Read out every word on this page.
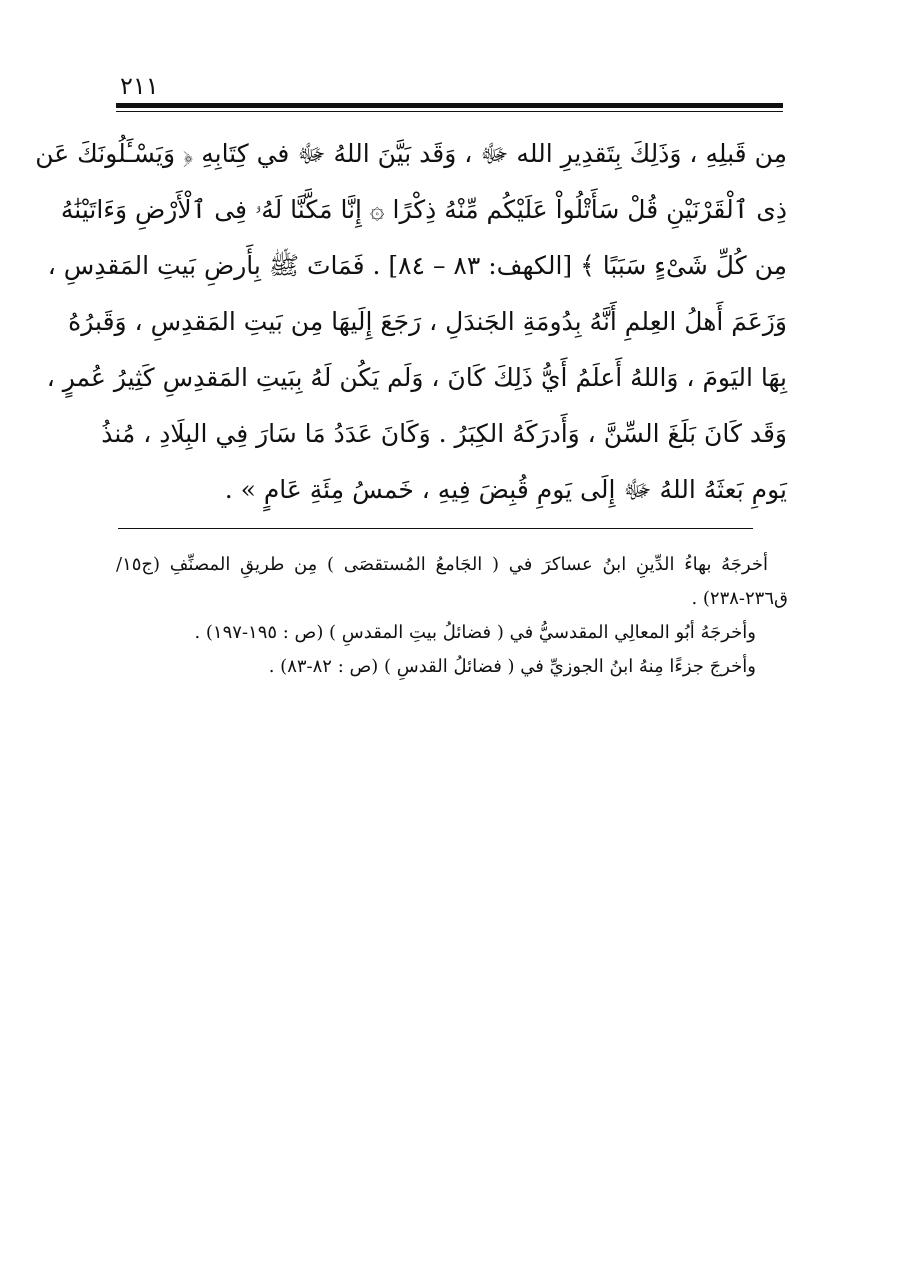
٢١١
مِن قَبلِهِ ، وَذَلِكَ بِتَقدِيرِ الله ﷻ ، وَقَد بَيَّنَ اللهُ ﷻ في كِتَابِهِ ﴿ وَيَسْـَٔلُونَكَ عَن
ذِى ٱلْقَرْنَيْنِ قُلْ سَأَتْلُواْ عَلَيْكُم مِّنْهُ ذِكْرًا ۞ إِنَّا مَكَّنَّا لَهُۥ فِى ٱلْأَرْضِ وَءَاتَيْنَٰهُ
مِن كُلِّ شَىْءٍ سَبَبًا ﴾ [الكهف: ٨٣ – ٨٤] . فَمَاتَ ﷺ بِأَرضِ بَيتِ المَقدِسِ ،
وَزَعَمَ أَهلُ العِلمِ أَنَّهُ بِدُومَةِ الجَندَلِ ، رَجَعَ إِلَيهَا مِن بَيتِ المَقدِسِ ، وَقَبرُهُ
بِهَا اليَومَ ، وَاللهُ أَعلَمُ أَيُّ ذَلِكَ كَانَ ، وَلَم يَكُن لَهُ بِبَيتِ المَقدِسِ كَثِيرُ عُمرٍ ،
وَقَد كَانَ بَلَغَ السِّنَّ ، وَأَدرَكَهُ الكِبَرُ . وَكَانَ عَدَدُ مَا سَارَ فِي البِلَادِ ، مُنذُ
يَومِ بَعثَهُ اللهُ ﷻ إِلَى يَومِ قُبِضَ فِيهِ ، خَمسُ مِئَةِ عَامٍ » .
أخرجَهُ بهاءُ الدِّينِ ابنُ عساكرَ في ( الجَامعُ المُستقصَى ) مِن طريقِ المصنِّفِ (ج١٥/
ق٢٣٦-٢٣٨) .
وأخرجَهُ أبُو المعالِي المقدسيُّ في ( فضائلُ بيتِ المقدسِ ) (ص : ١٩٥-١٩٧) .
وأخرجَ جزءًا مِنهُ ابنُ الجوزيِّ في ( فضائلُ القدسِ ) (ص : ٨٢-٨٣) .
